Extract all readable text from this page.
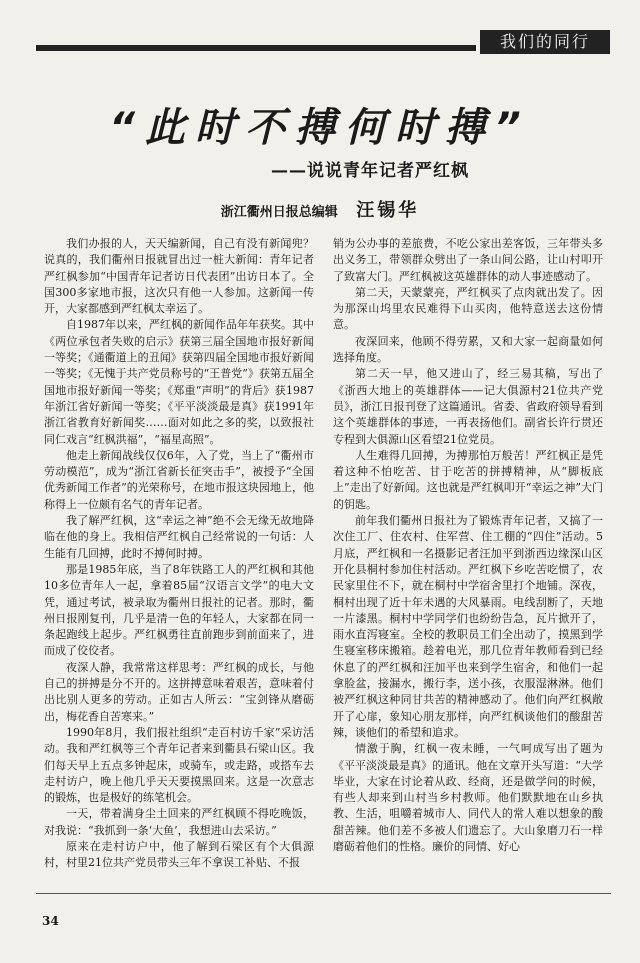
我们的同行
“此时不搏何时搏”
——说说青年记者严红枫
浙江衢州日报总编辑 汪锡华

我们办报的人，天天编新闻，自己有没有新闻兜？说真的，我们衢州日报就冒出过一桩大新闻：青年记者严红枫参加“中国青年记者访日代表团”出访日本了。全国300多家地市报，这次只有他一人参加。这新闻一传开，大家都感到严红枫太幸运了。

自1987年以来，严红枫的新闻作品年年获奖。其中《两位承包者失败的启示》获第三届全国地市报好新闻一等奖；《通衢道上的丑闻》获第四届全国地市报好新闻一等奖；《无愧于共产党员称号的“王普党”》获第五届全国地市报好新闻一等奖；《郑重“声明”的背后》获1987年浙江省好新闻一等奖；《平平淡淡最是真》获1991年浙江省教育好新闻奖……面对如此之多的奖，以致报社同仁戏言“红枫洪福”，“福星高照”。

他走上新闻战线仅仅6年，入了党，当上了“衢州市劳动模范”，成为“浙江省新长征突击手”，被授予“全国优秀新闻工作者”的光荣称号，在地市报这块园地上，他称得上一位颇有名气的青年记者。

我了解严红枫，这“幸运之神”绝不会无缘无故地降临在他的身上。我相信严红枫自己经常说的一句话：人生能有几回搏，此时不搏何时搏。

那是1985年底，当了8年铁路工人的严红枫和其他10多位青年人一起，拿着85届“汉语言文学”的电大文凭，通过考试，被录取为衢州日报社的记者。那时，衢州日报刚复刊，几乎是清一色的年轻人，大家都在同一条起跑线上起步。严红枫勇往直前跑步到前面来了，进而成了佼佼者。

夜深人静，我常常这样思考：严红枫的成长，与他自己的拼搏是分不开的。这拼搏意味着艰苦，意味着付出比别人更多的劳动。正如古人所云：“宝剑锋从磨砺出，梅花香自苦寒来。”

1990年8月，我们报社组织“走百村访千家”采访活动。我和严红枫等三个青年记者来到衢县石梁山区。我们每天早上五点多钟起床，或骑车，或走路，或搭车去走村访户，晚上他几乎天天要摸黑回来。这是一次意志的锻炼，也是极好的练笔机会。

一天，带着满身尘土回来的严红枫顾不得吃晚饭，对我说：“我抓到一条‘大鱼’，我想进山去采访。”

原来在走村访户中，他了解到石梁区有个大俱源村，村里21位共产党员带头三年不拿误工补贴、不报

销为公办事的差旅费，不吃公家出差客饭，三年带头多出义务工，带领群众劈出了一条山间公路，让山村叩开了致富大门。严红枫被这英雄群体的动人事迹感动了。

第二天，天蒙蒙亮，严红枫买了点肉就出发了。因为那深山坞里农民难得下山买肉，他特意送去这份情意。

夜深回来，他顾不得劳累，又和大家一起商量如何选择角度。

第二天一早，他又进山了，经三易其稿，写出了《浙西大地上的英雄群体——记大俱源村21位共产党员》，浙江日报刊登了这篇通讯。省委、省政府领导看到这个英雄群体的事迹，一再表扬他们。副省长许行贯还专程到大俱源山区看望21位党员。

人生难得几回搏，为搏那怕万般苦！严红枫正是凭着这种不怕吃苦、甘于吃苦的拼搏精神，从“脚板底上”走出了好新闻。这也就是严红枫叩开“幸运之神”大门的钥匙。

前年我们衢州日报社为了锻炼青年记者，又搞了一次住工厂、住农村、住军营、住工棚的“四住”活动。5月底，严红枫和一名摄影记者汪加平到浙西边缘深山区开化县桐村参加住村活动。严红枫下乡吃苦吃惯了，农民家里住不下，就在桐村中学宿舍里打个地铺。深夜，桐村出现了近十年未遇的大风暴雨。电线刮断了，天地一片漆黑。桐村中学同学们也纷纷告急，瓦片掀开了，雨水直泻寝室。全校的教职员工们全出动了，摸黑到学生寝室移床搬箱。趁着电光，那几位青年教师看到已经休息了的严红枫和汪加平也来到学生宿舍，和他们一起拿脸盆，接漏水，搬行李，送小孩，衣服湿淋淋。他们被严红枫这种同甘共苦的精神感动了。他们向严红枫敞开了心扉，象知心朋友那样，向严红枫谈他们的酸甜苦辣，谈他们的希望和追求。

情激于胸，红枫一夜未睡，一气呵成写出了题为《平平淡淡最是真》的通讯。他在文章开头写道：“大学毕业，大家在讨论着从政、经商，还是做学问的时候，有些人却来到山村当乡村教师。他们默默地在山乡执教、生活，咀嚼着城市人、同代人的常人难以想象的酸甜苦辣。他们差不多被人们遗忘了。大山象磨刀石一样磨砺着他们的性格。廉价的同情、好心

34
